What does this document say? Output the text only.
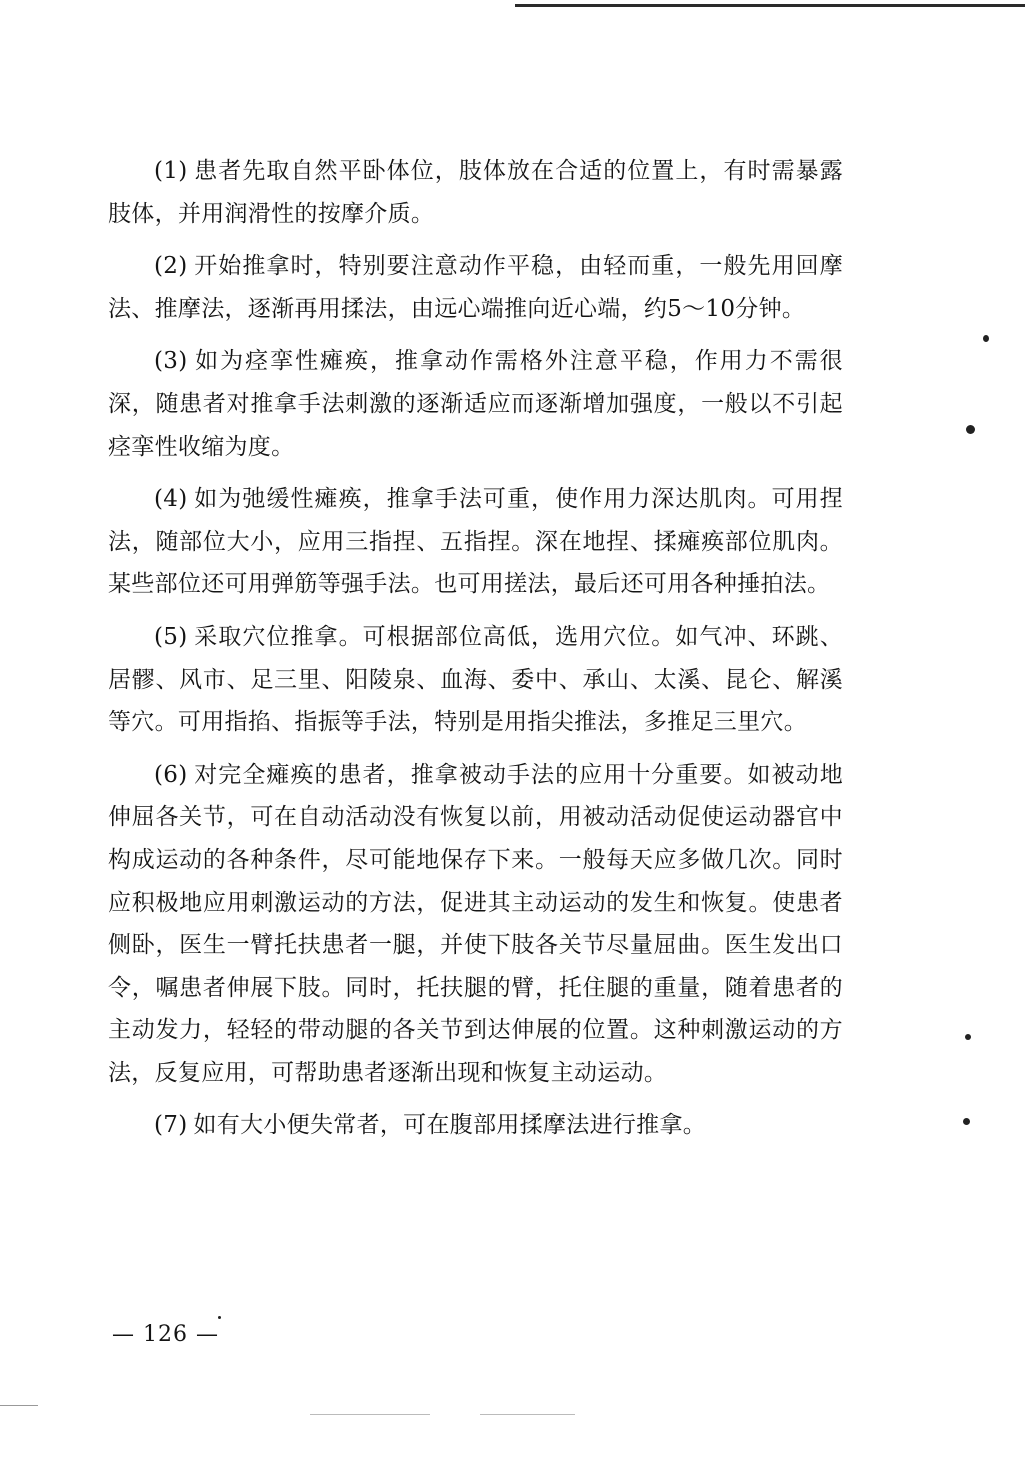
(1) 患者先取自然平卧体位，肢体放在合适的位置上，有时需暴露肢体，并用润滑性的按摩介质。

(2) 开始推拿时，特别要注意动作平稳，由轻而重，一般先用回摩法、推摩法，逐渐再用揉法，由远心端推向近心端，约5～10分钟。

(3) 如为痉挛性瘫痪，推拿动作需格外注意平稳，作用力不需很深，随患者对推拿手法刺激的逐渐适应而逐渐增加强度，一般以不引起痉挛性收缩为度。

(4) 如为弛缓性瘫痪，推拿手法可重，使作用力深达肌肉。可用捏法，随部位大小，应用三指捏、五指捏。深在地捏、揉瘫痪部位肌肉。某些部位还可用弹筋等强手法。也可用搓法，最后还可用各种捶拍法。

(5) 采取穴位推拿。可根据部位高低，选用穴位。如气冲、环跳、居髎、风市、足三里、阳陵泉、血海、委中、承山、太溪、昆仑、解溪等穴。可用指掐、指振等手法，特别是用指尖推法，多推足三里穴。

(6) 对完全瘫痪的患者，推拿被动手法的应用十分重要。如被动地伸屈各关节，可在自动活动没有恢复以前，用被动活动促使运动器官中构成运动的各种条件，尽可能地保存下来。一般每天应多做几次。同时应积极地应用刺激运动的方法，促进其主动运动的发生和恢复。使患者侧卧，医生一臂托扶患者一腿，并使下肢各关节尽量屈曲。医生发出口令，嘱患者伸展下肢。同时，托扶腿的臂，托住腿的重量，随着患者的主动发力，轻轻的带动腿的各关节到达伸展的位置。这种刺激运动的方法，反复应用，可帮助患者逐渐出现和恢复主动运动。

(7) 如有大小便失常者，可在腹部用揉摩法进行推拿。

— 126 —
